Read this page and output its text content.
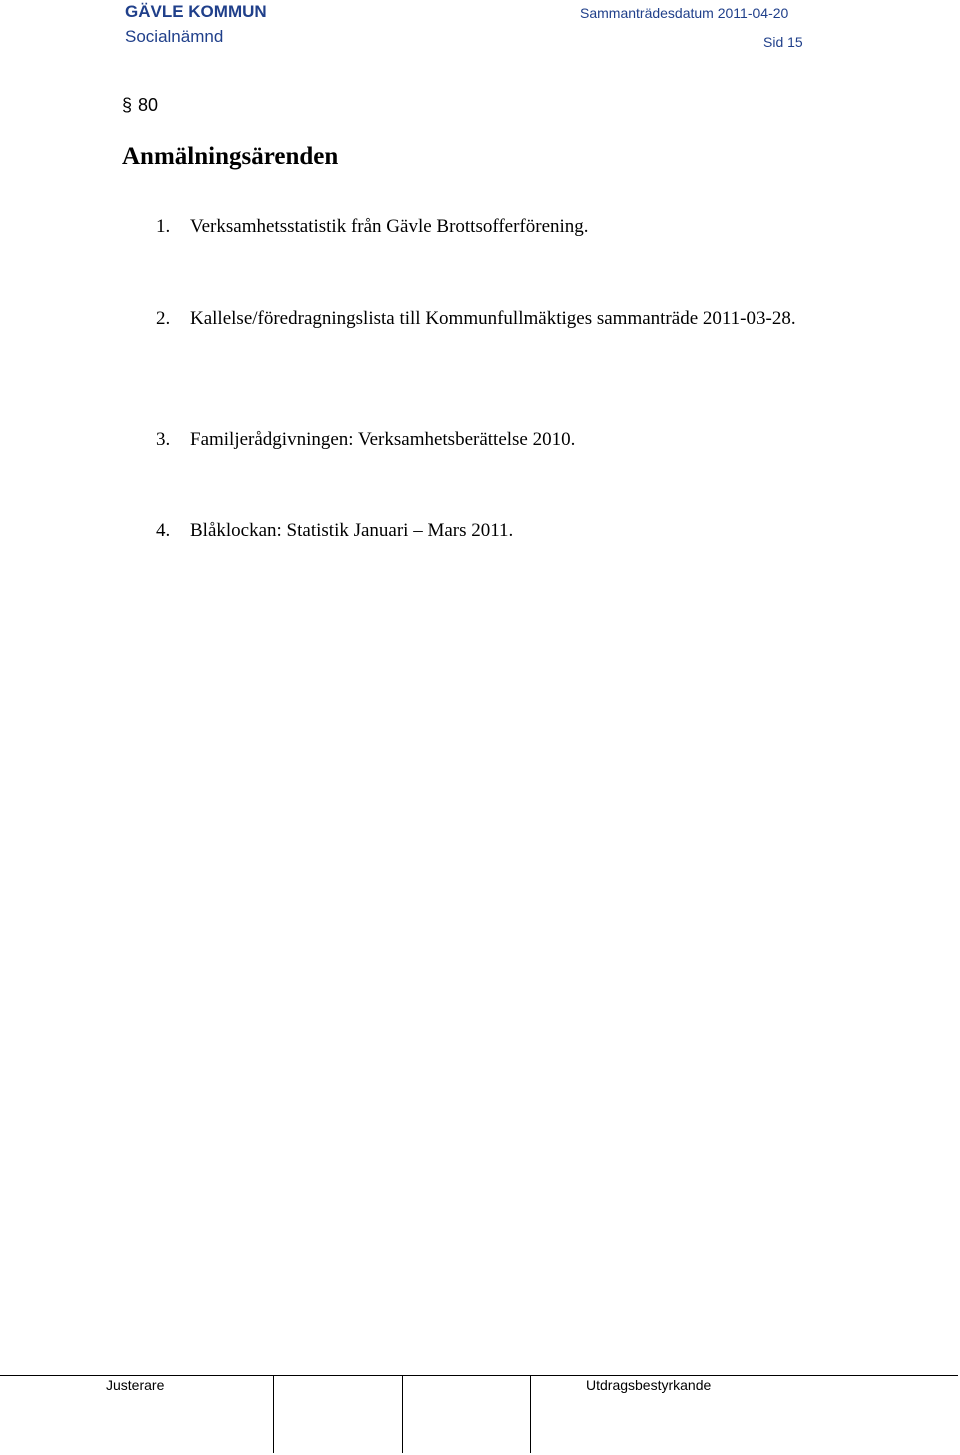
GÄVLE KOMMUN
Socialnämnd
Sammanträdesdatum 2011-04-20
Sid 15
§ 80
Anmälningsärenden
1. Verksamhetsstatistik från Gävle Brottsofferförening.
2. Kallelse/föredragningslista till Kommunfullmäktiges sammanträde 2011-03-28.
3. Familjerådgivningen: Verksamhetsberättelse 2010.
4. Blåklockan: Statistik Januari – Mars 2011.
Justerare	Utdragsbestyrkande
